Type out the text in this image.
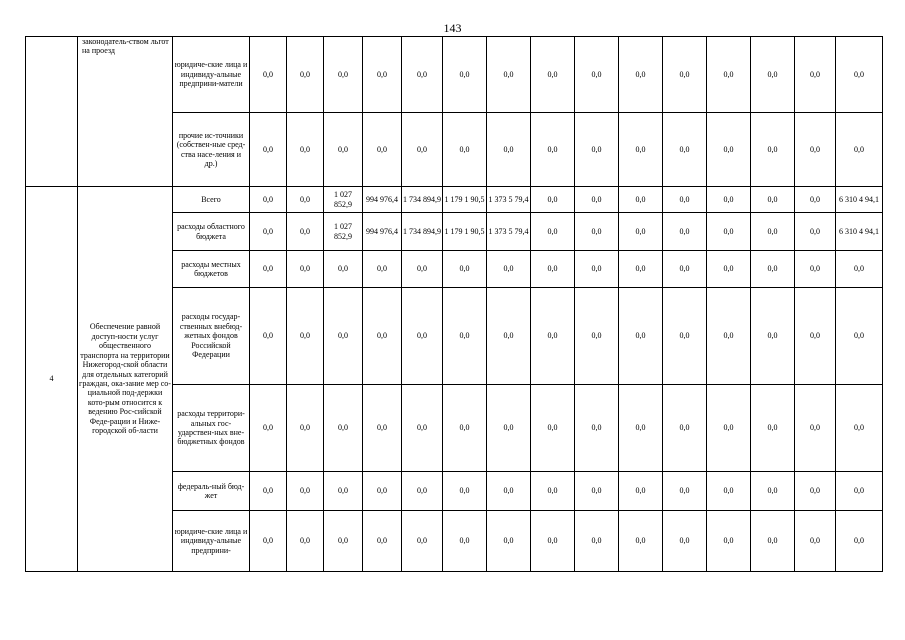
143
	законодатель-ством льгот на проезд	юридиче-ские лица и индивиду-альные предприни-матели	0,0	0,0	0,0	0,0	0,0	0,0	0,0	0,0	0,0	0,0	0,0	0,0	0,0	0,0	0,0
		прочие ис-точники (собствен-ные сред-ства насе-ления и др.)	0,0	0,0	0,0	0,0	0,0	0,0	0,0	0,0	0,0	0,0	0,0	0,0	0,0	0,0	0,0
4	Обеспечение равной доступ-ности услуг общественного транспорта на территории Нижегород-ской области для отдельных категорий граждан, ока-зание мер со-циальной под-держки кото-рым относится к ведению Рос-сийской Феде-рации и Ниже-городской об-ласти	Всего	0,0	0,0	1 027 852,9	994 976,4	1 734 894,9	1 179 1 90,5	1 373 5 79,4	0,0	0,0	0,0	0,0	0,0	0,0	0,0	6 310 4 94,1
		расходы областного бюджета	0,0	0,0	1 027 852,9	994 976,4	1 734 894,9	1 179 1 90,5	1 373 5 79,4	0,0	0,0	0,0	0,0	0,0	0,0	0,0	6 310 4 94,1
		расходы местных бюджетов	0,0	0,0	0,0	0,0	0,0	0,0	0,0	0,0	0,0	0,0	0,0	0,0	0,0	0,0	0,0
		расходы государ-ственных внебюд-жетных фондов Российской Федерации	0,0	0,0	0,0	0,0	0,0	0,0	0,0	0,0	0,0	0,0	0,0	0,0	0,0	0,0	0,0
		расходы территори-альных гос-ударствен-ных вне-бюджетных фондов	0,0	0,0	0,0	0,0	0,0	0,0	0,0	0,0	0,0	0,0	0,0	0,0	0,0	0,0	0,0
		федераль-ный бюд-жет	0,0	0,0	0,0	0,0	0,0	0,0	0,0	0,0	0,0	0,0	0,0	0,0	0,0	0,0	0,0
		юридиче-ские лица и индивиду-альные предприни-	0,0	0,0	0,0	0,0	0,0	0,0	0,0	0,0	0,0	0,0	0,0	0,0	0,0	0,0	0,0
